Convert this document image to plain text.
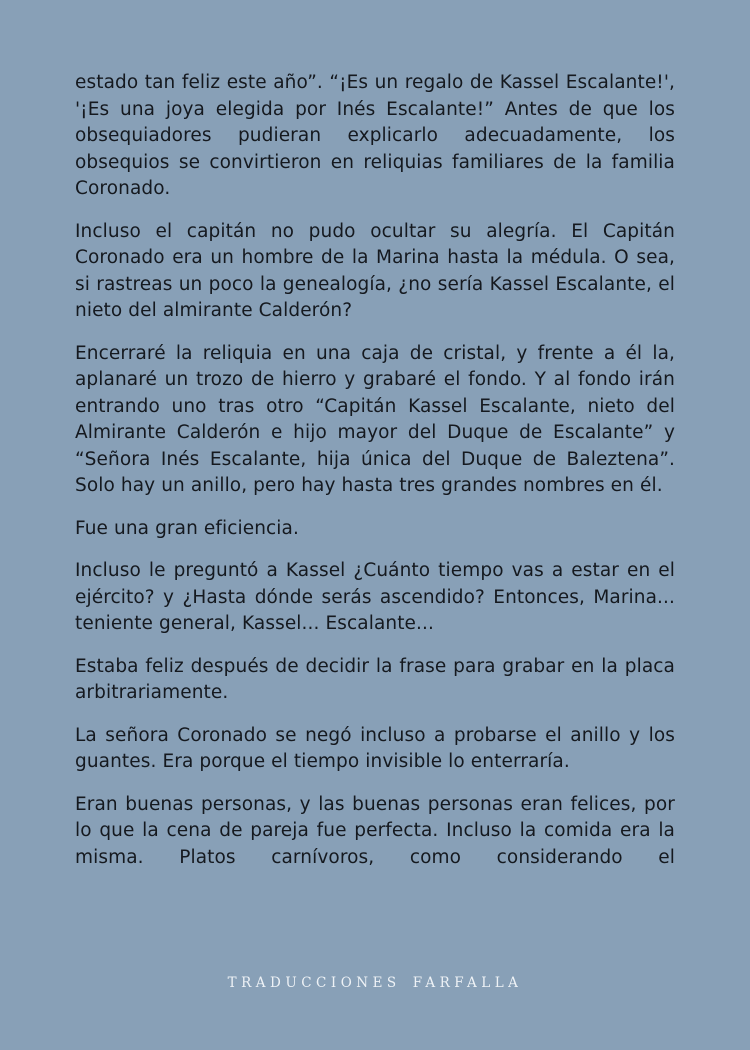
estado tan feliz este año”. “¡Es un regalo de Kassel Escalante!', '¡Es una joya elegida por Inés Escalante!” Antes de que los obsequiadores pudieran explicarlo adecuadamente, los obsequios se convirtieron en reliquias familiares de la familia Coronado.

Incluso el capitán no pudo ocultar su alegría. El Capitán Coronado era un hombre de la Marina hasta la médula. O sea, si rastreas un poco la genealogía, ¿no sería Kassel Escalante, el nieto del almirante Calderón?

Encerraré la reliquia en una caja de cristal, y frente a él la, aplanaré un trozo de hierro y grabaré el fondo. Y al fondo irán entrando uno tras otro “Capitán Kassel Escalante, nieto del Almirante Calderón e hijo mayor del Duque de Escalante” y “Señora Inés Escalante, hija única del Duque de Baleztena”. Solo hay un anillo, pero hay hasta tres grandes nombres en él.

Fue una gran eficiencia.

Incluso le preguntó a Kassel ¿Cuánto tiempo vas a estar en el ejército? y ¿Hasta dónde serás ascendido? Entonces, Marina... teniente general, Kassel... Escalante...

Estaba feliz después de decidir la frase para grabar en la placa arbitrariamente.

La señora Coronado se negó incluso a probarse el anillo y los guantes. Era porque el tiempo invisible lo enterraría.

Eran buenas personas, y las buenas personas eran felices, por lo que la cena de pareja fue perfecta. Incluso la comida era la misma. Platos carnívoros, como considerando el

TRADUCCIONES FARFALLA
